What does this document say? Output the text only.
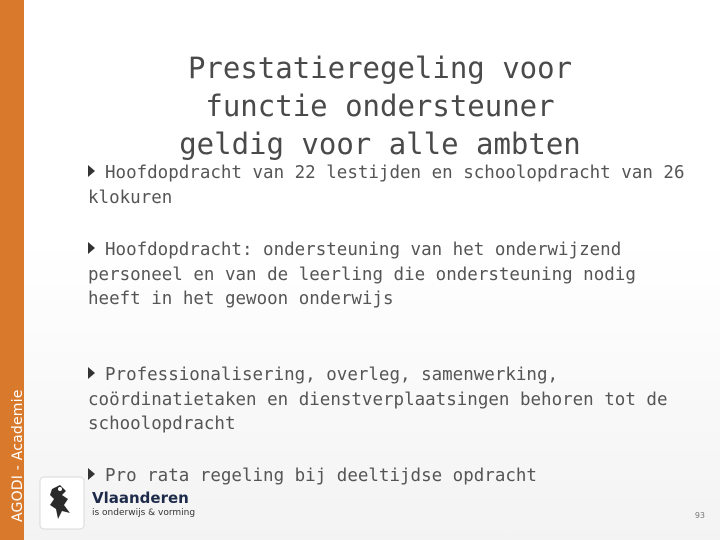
AGODI - Academie
Prestatieregeling voor
functie ondersteuner
geldig voor alle ambten
Hoofdopdracht van 22 lestijden en schoolopdracht van 26 klokuren
Hoofdopdracht: ondersteuning van het onderwijzend personeel en van de leerling die ondersteuning nodig heeft in het gewoon onderwijs
Professionalisering, overleg, samenwerking, coördinatietaken en dienstverplaatsingen behoren tot de schoolopdracht
Pro rata regeling bij deeltijdse opdracht
Vlaanderen
is onderwijs & vorming	93
